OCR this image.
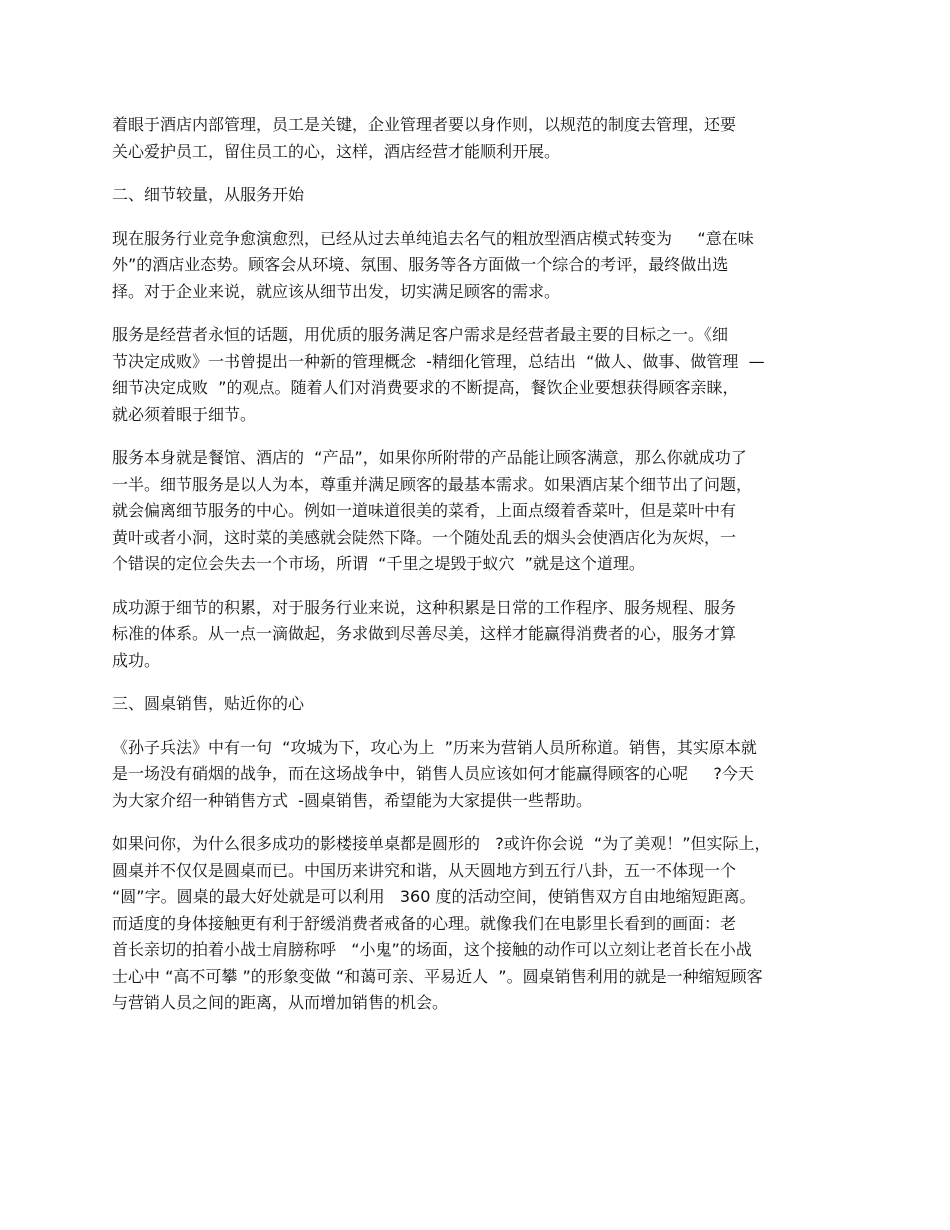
着眼于酒店内部管理，员工是关键，企业管理者要以身作则，以规范的制度去管理，还要
关心爱护员工，留住员工的心，这样，酒店经营才能顺利开展。
二、细节较量，从服务开始
现在服务行业竞争愈演愈烈，已经从过去单纯追去名气的粗放型酒店模式转变为     “意在味
外”的酒店业态势。顾客会从环境、氛围、服务等各方面做一个综合的考评，最终做出选
择。对于企业来说，就应该从细节出发，切实满足顾客的需求。
服务是经营者永恒的话题，用优质的服务满足客户需求是经营者最主要的目标之一。《细
节决定成败》一书曾提出一种新的管理概念  -精细化管理，总结出  “做人、做事、做管理  —
细节决定成败  ”的观点。随着人们对消费要求的不断提高，餐饮企业要想获得顾客亲睐，
就必须着眼于细节。
服务本身就是餐馆、酒店的  “产品”，如果你所附带的产品能让顾客满意，那么你就成功了
一半。细节服务是以人为本，尊重并满足顾客的最基本需求。如果酒店某个细节出了问题，
就会偏离细节服务的中心。例如一道味道很美的菜肴，上面点缀着香菜叶，但是菜叶中有
黄叶或者小洞，这时菜的美感就会陡然下降。一个随处乱丢的烟头会使酒店化为灰烬，一
个错误的定位会失去一个市场，所谓  “千里之堤毁于蚁穴  ”就是这个道理。
成功源于细节的积累，对于服务行业来说，这种积累是日常的工作程序、服务规程、服务
标准的体系。从一点一滴做起，务求做到尽善尽美，这样才能赢得消费者的心，服务才算
成功。
三、圆桌销售，贴近你的心
《孙子兵法》中有一句  “攻城为下，攻心为上  ”历来为营销人员所称道。销售，其实原本就
是一场没有硝烟的战争，而在这场战争中，销售人员应该如何才能赢得顾客的心呢     ?今天
为大家介绍一种销售方式  -圆桌销售，希望能为大家提供一些帮助。
如果问你，为什么很多成功的影楼接单桌都是圆形的   ?或许你会说  “为了美观！”但实际上，
圆桌并不仅仅是圆桌而已。中国历来讲究和谐，从天圆地方到五行八卦，五一不体现一个
“圆”字。圆桌的最大好处就是可以利用   360 度的活动空间，使销售双方自由地缩短距离。
而适度的身体接触更有利于舒缓消费者戒备的心理。就像我们在电影里长看到的画面：老
首长亲切的拍着小战士肩膀称呼   “小鬼”的场面，这个接触的动作可以立刻让老首长在小战
士心中 “高不可攀 ”的形象变做 “和蔼可亲、平易近人  ”。圆桌销售利用的就是一种缩短顾客
与营销人员之间的距离，从而增加销售的机会。
